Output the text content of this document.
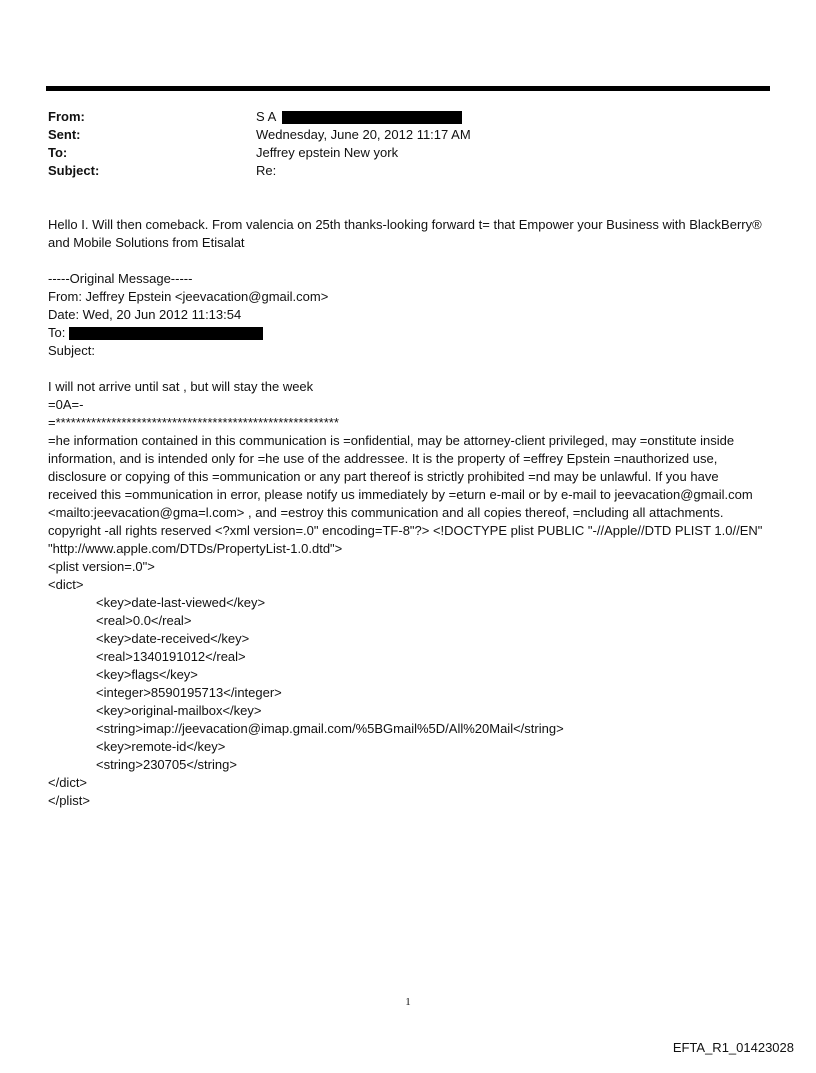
From:	S A
Sent:	Wednesday, June 20, 2012 11:17 AM
To:	Jeffrey epstein New york
Subject:	Re:

Hello I. Will then comeback. From valencia on 25th thanks-looking forward t= that Empower your Business with BlackBerry® and Mobile Solutions from Etisalat

-----Original Message-----
From: Jeffrey Epstein <jeevacation@gmail.com>
Date: Wed, 20 Jun 2012 11:13:54
To:
Subject:
I will not arrive until sat , but will stay the week
=0A=-
=********************************************************

=he information contained in this communication is =onfidential, may be attorney-client privileged, may =onstitute inside information, and is intended only for =he use of the addressee. It is the property of =effrey Epstein =nauthorized use, disclosure or copying of this =ommunication or any part thereof is strictly prohibited =nd may be unlawful. If you have received this =ommunication in error, please notify us immediately by =eturn e-mail or by e-mail to jeevacation@gmail.com <mailto:jeevacation@gma=l.com> , and =estroy this communication and all copies thereof, =ncluding all attachments. copyright -all rights reserved <?xml version=.0" encoding=TF-8"?> <!DOCTYPE plist PUBLIC "-//Apple//DTD PLIST 1.0//EN" "http://www.apple.com/DTDs/PropertyList-1.0.dtd">

<plist version=.0">
<dict>
<key>date-last-viewed</key>
<real>0.0</real>
<key>date-received</key>
<real>1340191012</real>
<key>flags</key>
<integer>8590195713</integer>
<key>original-mailbox</key>
<string>imap://jeevacation@imap.gmail.com/%5BGmail%5D/All%20Mail</string>
<key>remote-id</key>
<string>230705</string>
</dict>
</plist>
1
EFTA_R1_01423028
